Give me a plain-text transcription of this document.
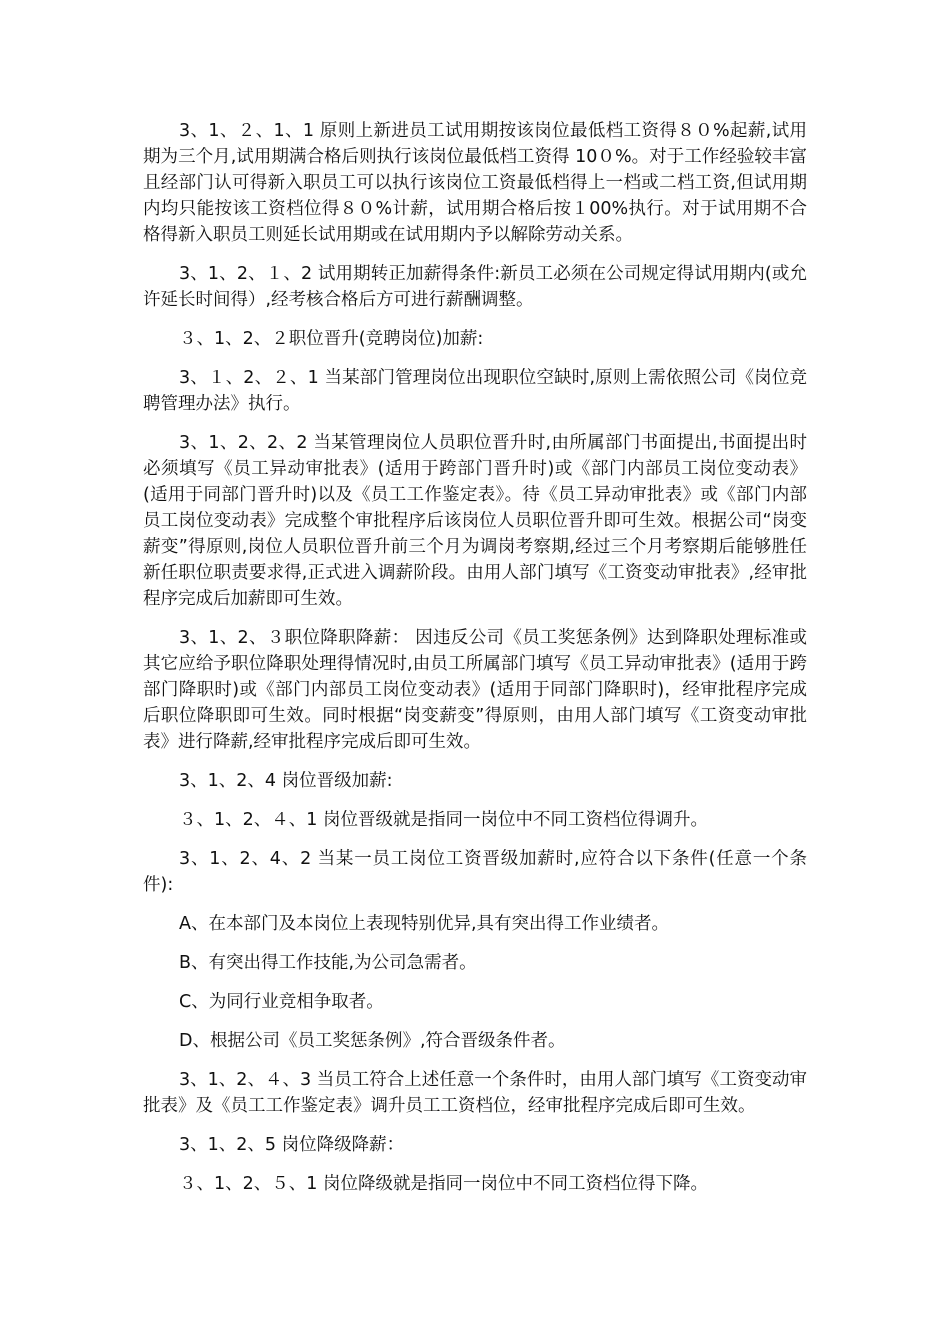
3、1、２、1、1 原则上新进员工试用期按该岗位最低档工资得８０%起薪,试用期为三个月,试用期满合格后则执行该岗位最低档工资得 10０%。对于工作经验较丰富且经部门认可得新入职员工可以执行该岗位工资最低档得上一档或二档工资,但试用期内均只能按该工资档位得８０%计薪，试用期合格后按１00%执行。对于试用期不合格得新入职员工则延长试用期或在试用期内予以解除劳动关系。

3、1、2、１、2 试用期转正加薪得条件:新员工必须在公司规定得试用期内(或允许延长时间得）,经考核合格后方可进行薪酬调整。

３、1、2、２职位晋升(竞聘岗位)加薪:

3、１、2、２、1 当某部门管理岗位出现职位空缺时,原则上需依照公司《岗位竞聘管理办法》执行。

3、1、2、2、2 当某管理岗位人员职位晋升时,由所属部门书面提出,书面提出时必须填写《员工异动审批表》(适用于跨部门晋升时)或《部门内部员工岗位变动表》(适用于同部门晋升时)以及《员工工作鉴定表》。待《员工异动审批表》或《部门内部员工岗位变动表》完成整个审批程序后该岗位人员职位晋升即可生效。根据公司“岗变薪变”得原则,岗位人员职位晋升前三个月为调岗考察期,经过三个月考察期后能够胜任新任职位职责要求得,正式进入调薪阶段。由用人部门填写《工资变动审批表》,经审批程序完成后加薪即可生效。

3、1、2、３职位降职降薪： 因违反公司《员工奖惩条例》达到降职处理标准或其它应给予职位降职处理得情况时,由员工所属部门填写《员工异动审批表》(适用于跨部门降职时)或《部门内部员工岗位变动表》(适用于同部门降职时)，经审批程序完成后职位降职即可生效。同时根据“岗变薪变”得原则，由用人部门填写《工资变动审批表》进行降薪,经审批程序完成后即可生效。

3、1、2、4 岗位晋级加薪:

３、1、2、４、1 岗位晋级就是指同一岗位中不同工资档位得调升。

3、1、2、4、2 当某一员工岗位工资晋级加薪时,应符合以下条件(任意一个条件):

A、在本部门及本岗位上表现特别优异,具有突出得工作业绩者。

B、有突出得工作技能,为公司急需者。

C、为同行业竞相争取者。

D、根据公司《员工奖惩条例》,符合晋级条件者。

3、1、2、４、3 当员工符合上述任意一个条件时，由用人部门填写《工资变动审批表》及《员工工作鉴定表》调升员工工资档位，经审批程序完成后即可生效。

3、1、2、5 岗位降级降薪：

３、1、2、５、1 岗位降级就是指同一岗位中不同工资档位得下降。
